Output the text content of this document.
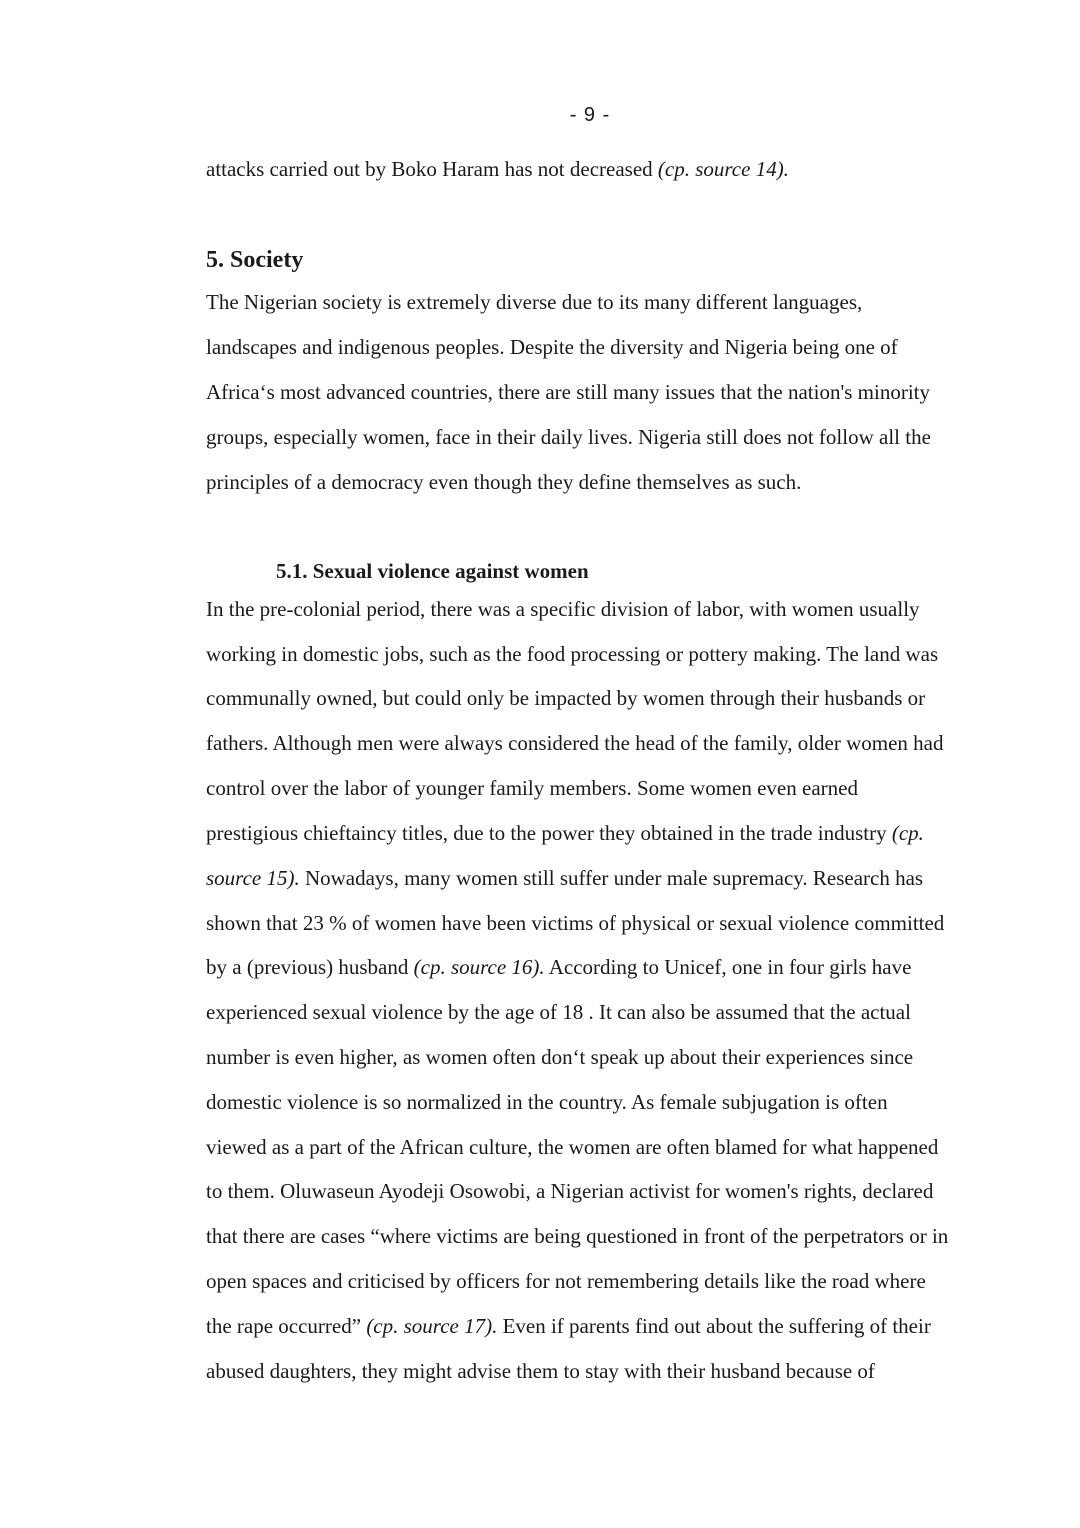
- 9 -
attacks carried out by Boko Haram has not decreased (cp. source 14).
5. Society
The Nigerian society is extremely diverse due to its many different languages,
landscapes and indigenous peoples. Despite the diversity and Nigeria being one of
Africa‘s most advanced countries, there are still many issues that the nation's minority
groups, especially women, face in their daily lives. Nigeria still does not follow all the
principles of a democracy even though they define themselves as such.
5.1. Sexual violence against women
In the pre-colonial period, there was a specific division of labor, with women usually
working in domestic jobs, such as the food processing or pottery making. The land was
communally owned, but could only be impacted by women through their husbands or
fathers. Although men were always considered the head of the family, older women had
control over the labor of younger family members. Some women even earned
prestigious chieftaincy titles, due to the power they obtained in the trade industry (cp.
source 15). Nowadays, many women still suffer under male supremacy. Research has
shown that 23 % of women have been victims of physical or sexual violence committed
by a (previous) husband (cp. source 16). According to Unicef, one in four girls have
experienced sexual violence by the age of 18 . It can also be assumed that the actual
number is even higher, as women often don‘t speak up about their experiences since
domestic violence is so normalized in the country. As female subjugation is often
viewed as a part of the African culture, the women are often blamed for what happened
to them. Oluwaseun Ayodeji Osowobi, a Nigerian activist for women's rights, declared
that there are cases “where victims are being questioned in front of the perpetrators or in
open spaces and criticised by officers for not remembering details like the road where
the rape occurred” (cp. source 17). Even if parents find out about the suffering of their
abused daughters, they might advise them to stay with their husband because of
